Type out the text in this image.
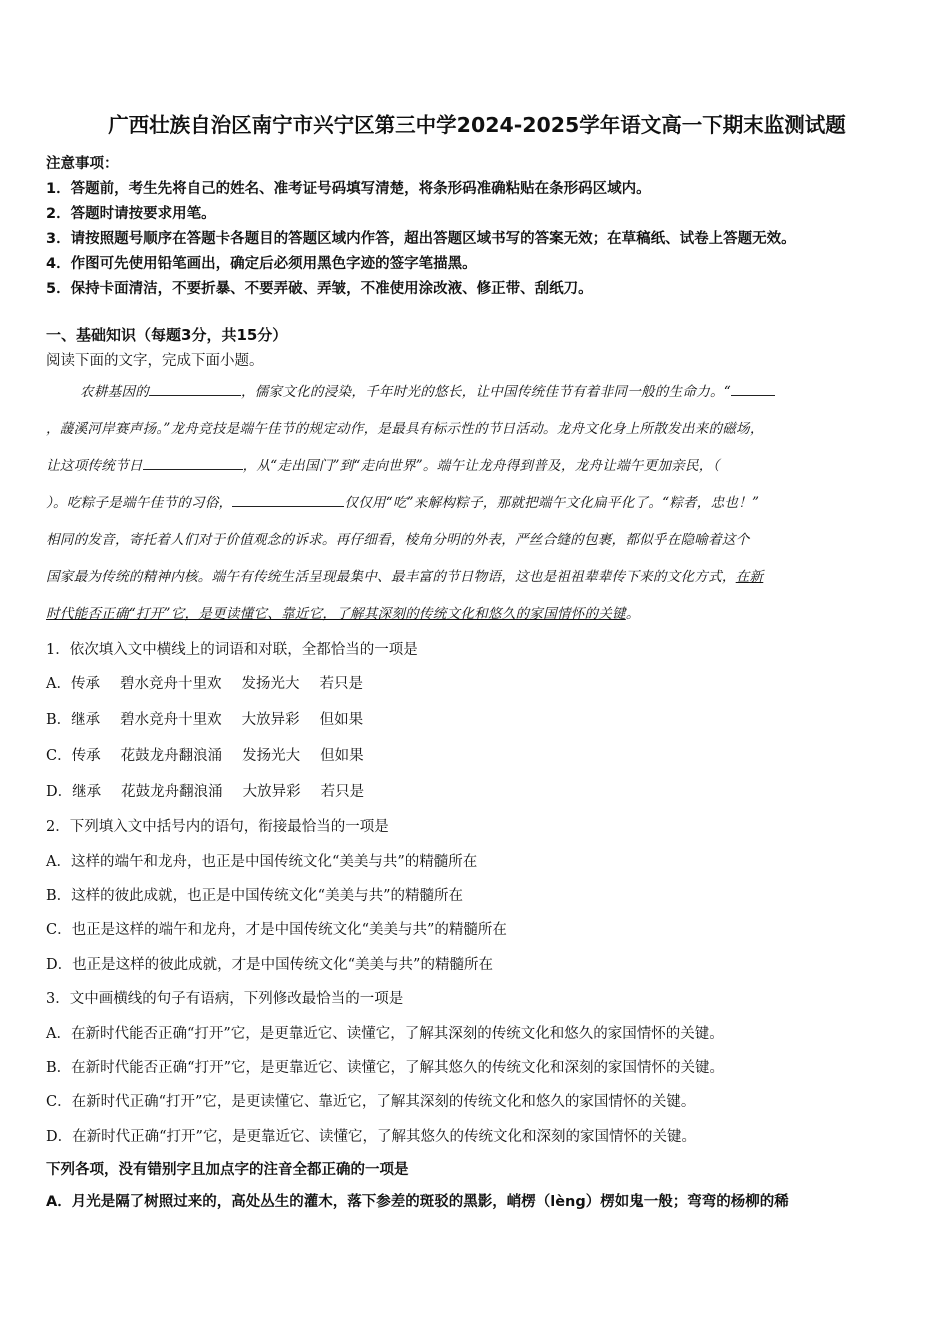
广西壮族自治区南宁市兴宁区第三中学2024-2025学年语文高一下期末监测试题
注意事项：
1．答题前，考生先将自己的姓名、准考证号码填写清楚，将条形码准确粘贴在条形码区域内。
2．答题时请按要求用笔。
3．请按照题号顺序在答题卡各题目的答题区域内作答，超出答题区域书写的答案无效；在草稿纸、试卷上答题无效。
4．作图可先使用铅笔画出，确定后必须用黑色字迹的签字笔描黑。
5．保持卡面清洁，不要折暴、不要弄破、弄皱，不准使用涂改液、修正带、刮纸刀。
一、基础知识（每题3分，共15分）
阅读下面的文字，完成下面小题。
农耕基因的	，儒家文化的浸染，千年时光的悠长，让中国传统佳节有着非同一般的生命力。“
，蘐溪河岸赛声扬。”龙舟竞技是端午佳节的规定动作，是最具有标示性的节日活动。龙舟文化身上所散发出来的磁场，
让这项传统节日	，从“走出国门”到“走向世界”。端午让龙舟得到普及，龙舟让端午更加亲民，（
）。吃粽子是端午佳节的习俗，	仅仅用“吃”来解构粽子，那就把端午文化扁平化了。“粽者，忠也！”
相同的发音，寄托着人们对于价值观念的诉求。再仔细看，棱角分明的外表，严丝合缝的包裹，都似乎在隐喻着这个
国家最为传统的精神内核。端午有传统生活呈现最集中、最丰富的节日物语，这也是祖祖辈辈传下来的文化方式，在新
时代能否正确“打开”它，是更读懂它、靠近它，了解其深刻的传统文化和悠久的家国情怀的关键。
1．依次填入文中横线上的词语和对联，全都恰当的一项是
A．传承 碧水竞舟十里欢 发扬光大 若只是
B．继承 碧水竞舟十里欢 大放异彩 但如果
C．传承 花鼓龙舟翻浪涌 发扬光大 但如果
D．继承 花鼓龙舟翻浪涌 大放异彩 若只是
2．下列填入文中括号内的语句，衔接最恰当的一项是
A．这样的端午和龙舟，也正是中国传统文化“美美与共”的精髓所在
B．这样的彼此成就，也正是中国传统文化“美美与共”的精髓所在
C．也正是这样的端午和龙舟，才是中国传统文化“美美与共”的精髓所在
D．也正是这样的彼此成就，才是中国传统文化“美美与共”的精髓所在
3．文中画横线的句子有语病，下列修改最恰当的一项是
A．在新时代能否正确“打开”它，是更靠近它、读懂它，了解其深刻的传统文化和悠久的家国情怀的关键。
B．在新时代能否正确“打开”它，是更靠近它、读懂它，了解其悠久的传统文化和深刻的家国情怀的关键。
C．在新时代正确“打开”它，是更读懂它、靠近它，了解其深刻的传统文化和悠久的家国情怀的关键。
D．在新时代正确“打开”它，是更靠近它、读懂它，了解其悠久的传统文化和深刻的家国情怀的关键。
下列各项，没有错别字且加点字的注音全都正确的一项是
A．月光是隔了树照过来的，高处丛生的灌木，落下参差的斑驳的黑影，峭楞（lèng）楞如鬼一般；弯弯的杨柳的稀
